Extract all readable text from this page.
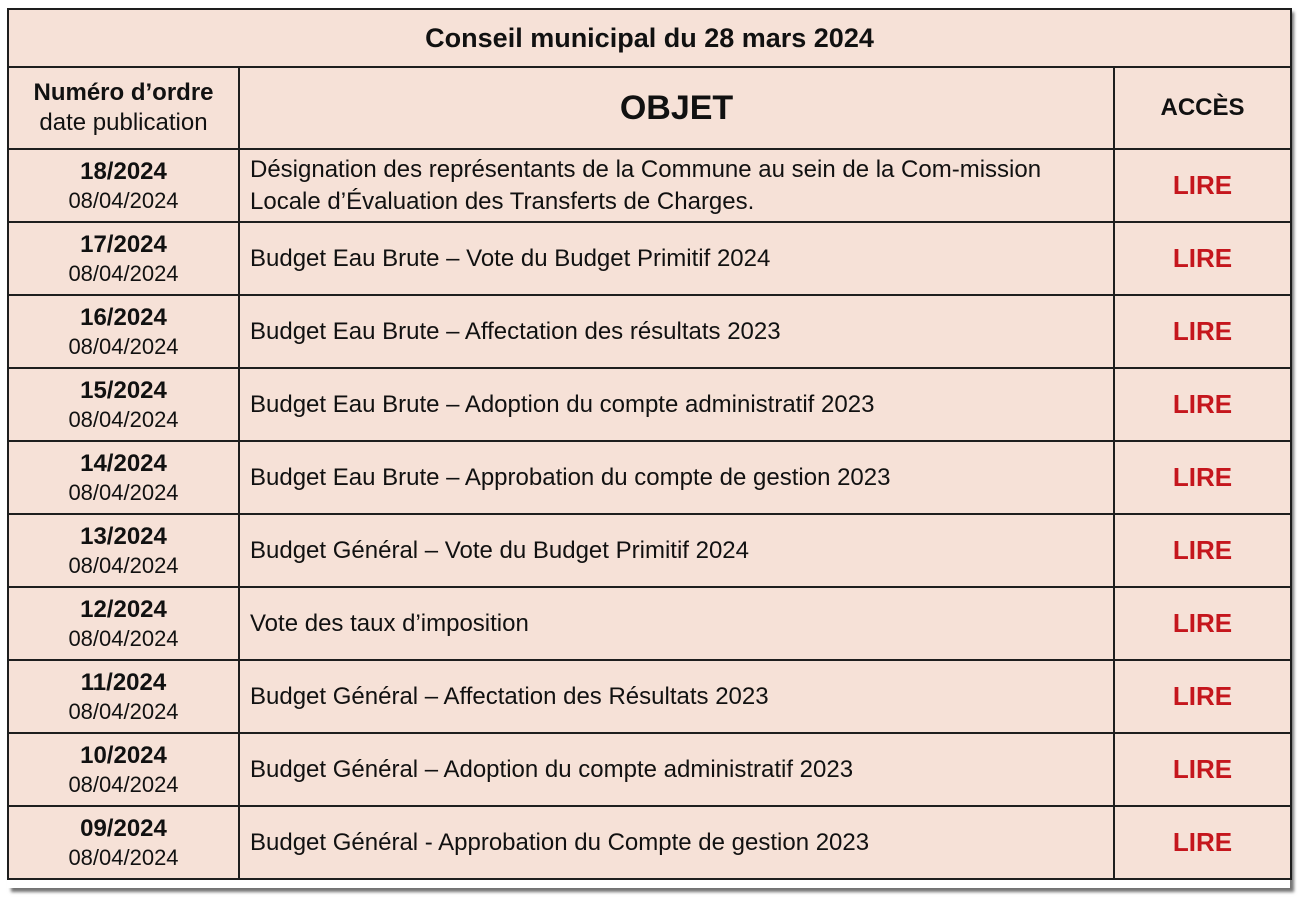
Conseil municipal du 28 mars 2024		

Numéro d’ordre
date publication	OBJET	ACCÈS

18/2024
08/04/2024	Désignation des représentants de la Commune au sein de la Com-mission Locale d’Évaluation des Transferts de Charges.	LIRE

17/2024
08/04/2024	Budget Eau Brute – Vote du Budget Primitif 2024	LIRE

16/2024
08/04/2024	Budget Eau Brute – Affectation des résultats 2023	LIRE

15/2024
08/04/2024	Budget Eau Brute – Adoption du compte administratif 2023	LIRE

14/2024
08/04/2024	Budget Eau Brute – Approbation du compte de gestion 2023	LIRE

13/2024
08/04/2024	Budget Général – Vote du Budget Primitif 2024	LIRE

12/2024
08/04/2024	Vote des taux d’imposition	LIRE

11/2024
08/04/2024	Budget Général – Affectation des Résultats 2023	LIRE

10/2024
08/04/2024	Budget Général – Adoption du compte administratif 2023	LIRE

09/2024
08/04/2024	Budget Général - Approbation du Compte de gestion 2023	LIRE
